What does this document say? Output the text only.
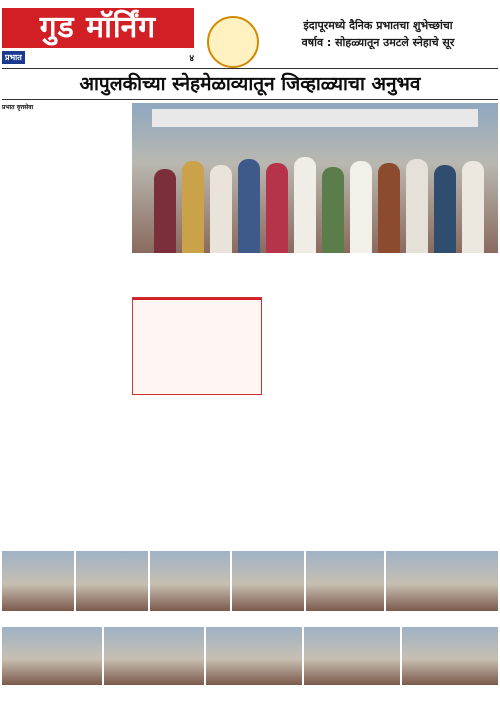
गुड मॉर्निंग
प्रभात	४
इंदापूरमध्ये दैनिक प्रभातचा शुभेच्छांचा
वर्षाव : सोहळ्यातून उमटले स्नेहाचे सूर
आपुलकीच्या स्नेहमेळाव्यातून जिव्हाळ्याचा अनुभव
प्रभात वृत्तसेवा
